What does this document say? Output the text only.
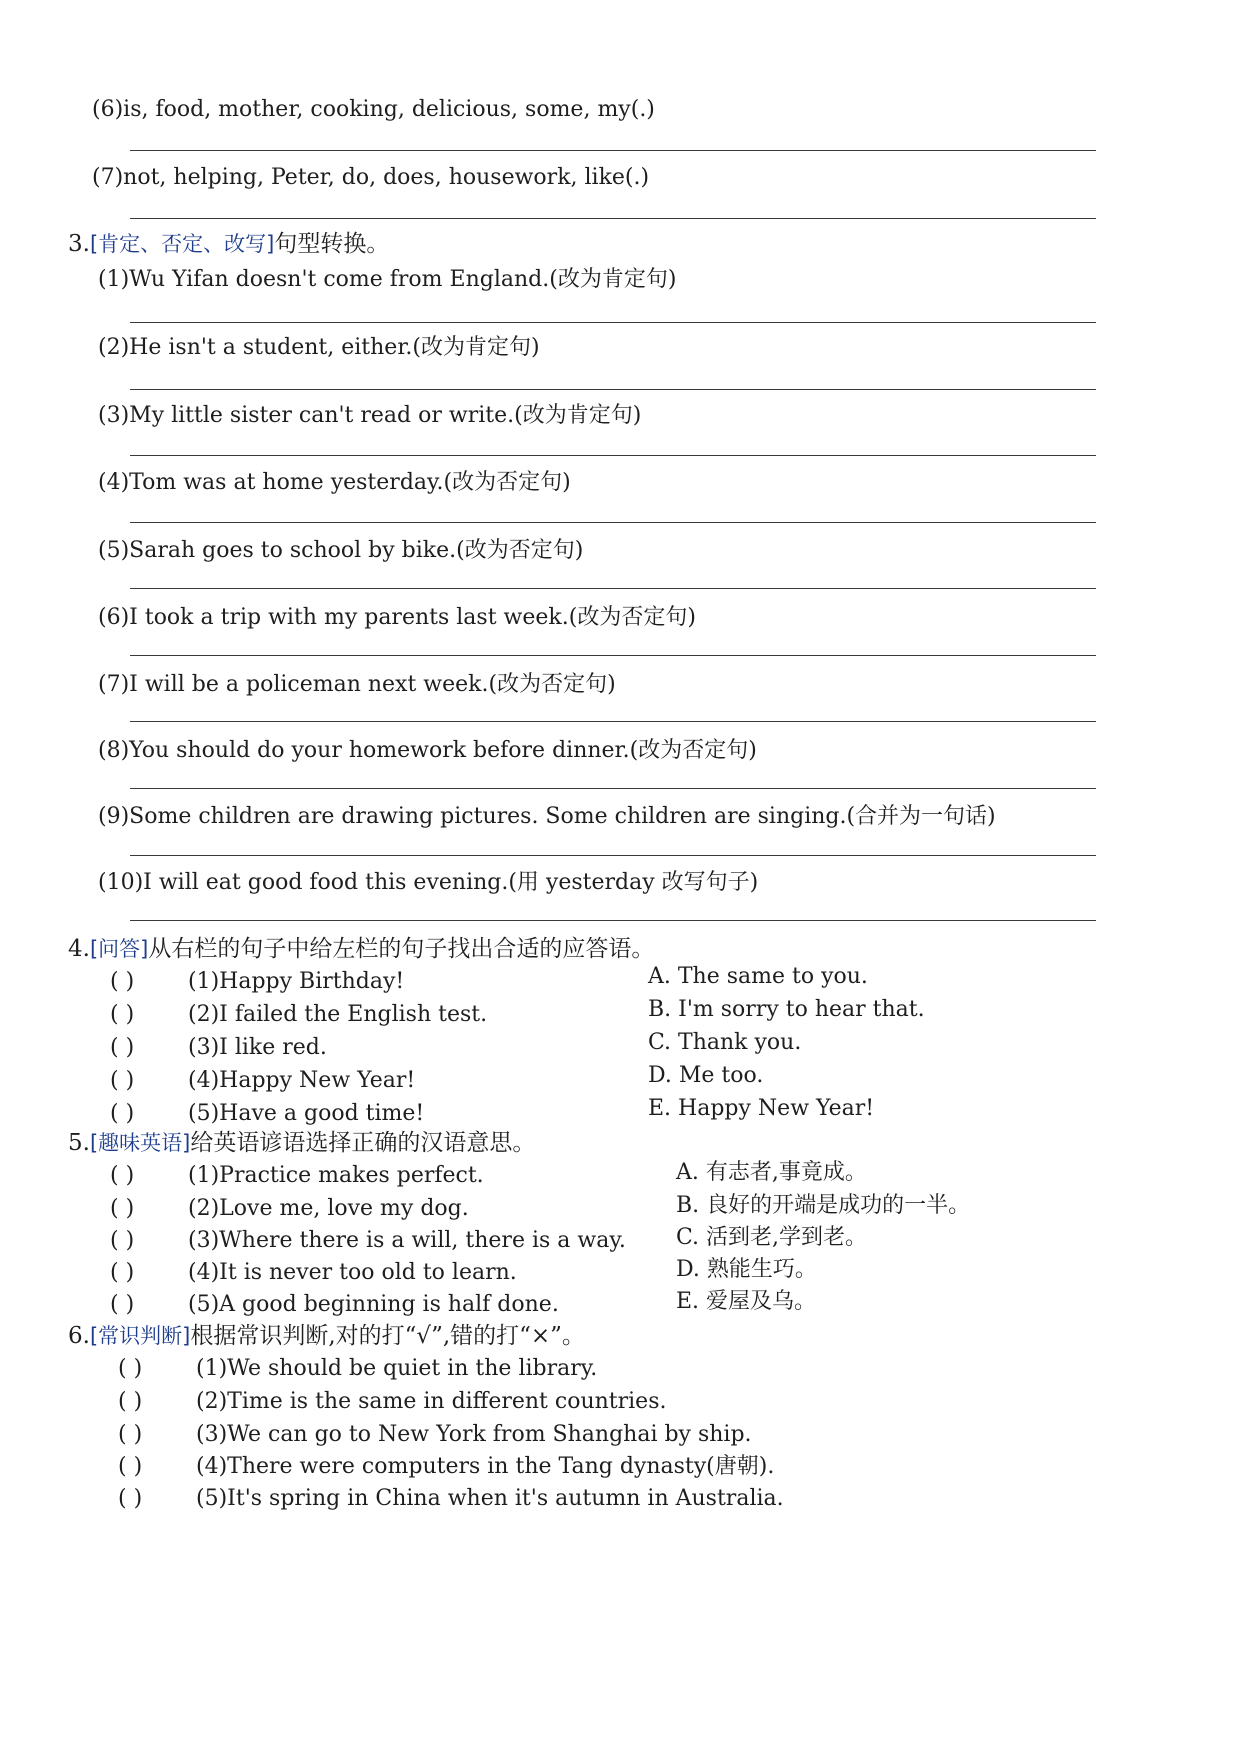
(6)is, food, mother, cooking, delicious, some, my(.)
(7)not, helping, Peter, do, does, housework, like(.)
3.[肯定、否定、改写]句型转换。
(1)Wu Yifan doesn't come from England.(改为肯定句)
(2)He isn't a student, either.(改为肯定句)
(3)My little sister can't read or write.(改为肯定句)
(4)Tom was at home yesterday.(改为否定句)
(5)Sarah goes to school by bike.(改为否定句)
(6)I took a trip with my parents last week.(改为否定句)
(7)I will be a policeman next week.(改为否定句)
(8)You should do your homework before dinner.(改为否定句)
(9)Some children are drawing pictures. Some children are singing.(合并为一句话)
(10)I will eat good food this evening.(用 yesterday 改写句子)
4.[问答]从右栏的句子中给左栏的句子找出合适的应答语。
( ) (1)Happy Birthday!
( ) (2)I failed the English test.
( ) (3)I like red.
( ) (4)Happy New Year!
( ) (5)Have a good time!
A. The same to you.
B. I'm sorry to hear that.
C. Thank you.
D. Me too.
E. Happy New Year!
5.[趣味英语]给英语谚语选择正确的汉语意思。
( ) (1)Practice makes perfect.
( ) (2)Love me, love my dog.
( ) (3)Where there is a will, there is a way.
( ) (4)It is never too old to learn.
( ) (5)A good beginning is half done.
A. 有志者,事竟成。
B. 良好的开端是成功的一半。
C. 活到老,学到老。
D. 熟能生巧。
E. 爱屋及乌。
6.[常识判断]根据常识判断,对的打“√”,错的打“×”。
( ) (1)We should be quiet in the library.
( ) (2)Time is the same in different countries.
( ) (3)We can go to New York from Shanghai by ship.
( ) (4)There were computers in the Tang dynasty(唐朝).
( ) (5)It's spring in China when it's autumn in Australia.
